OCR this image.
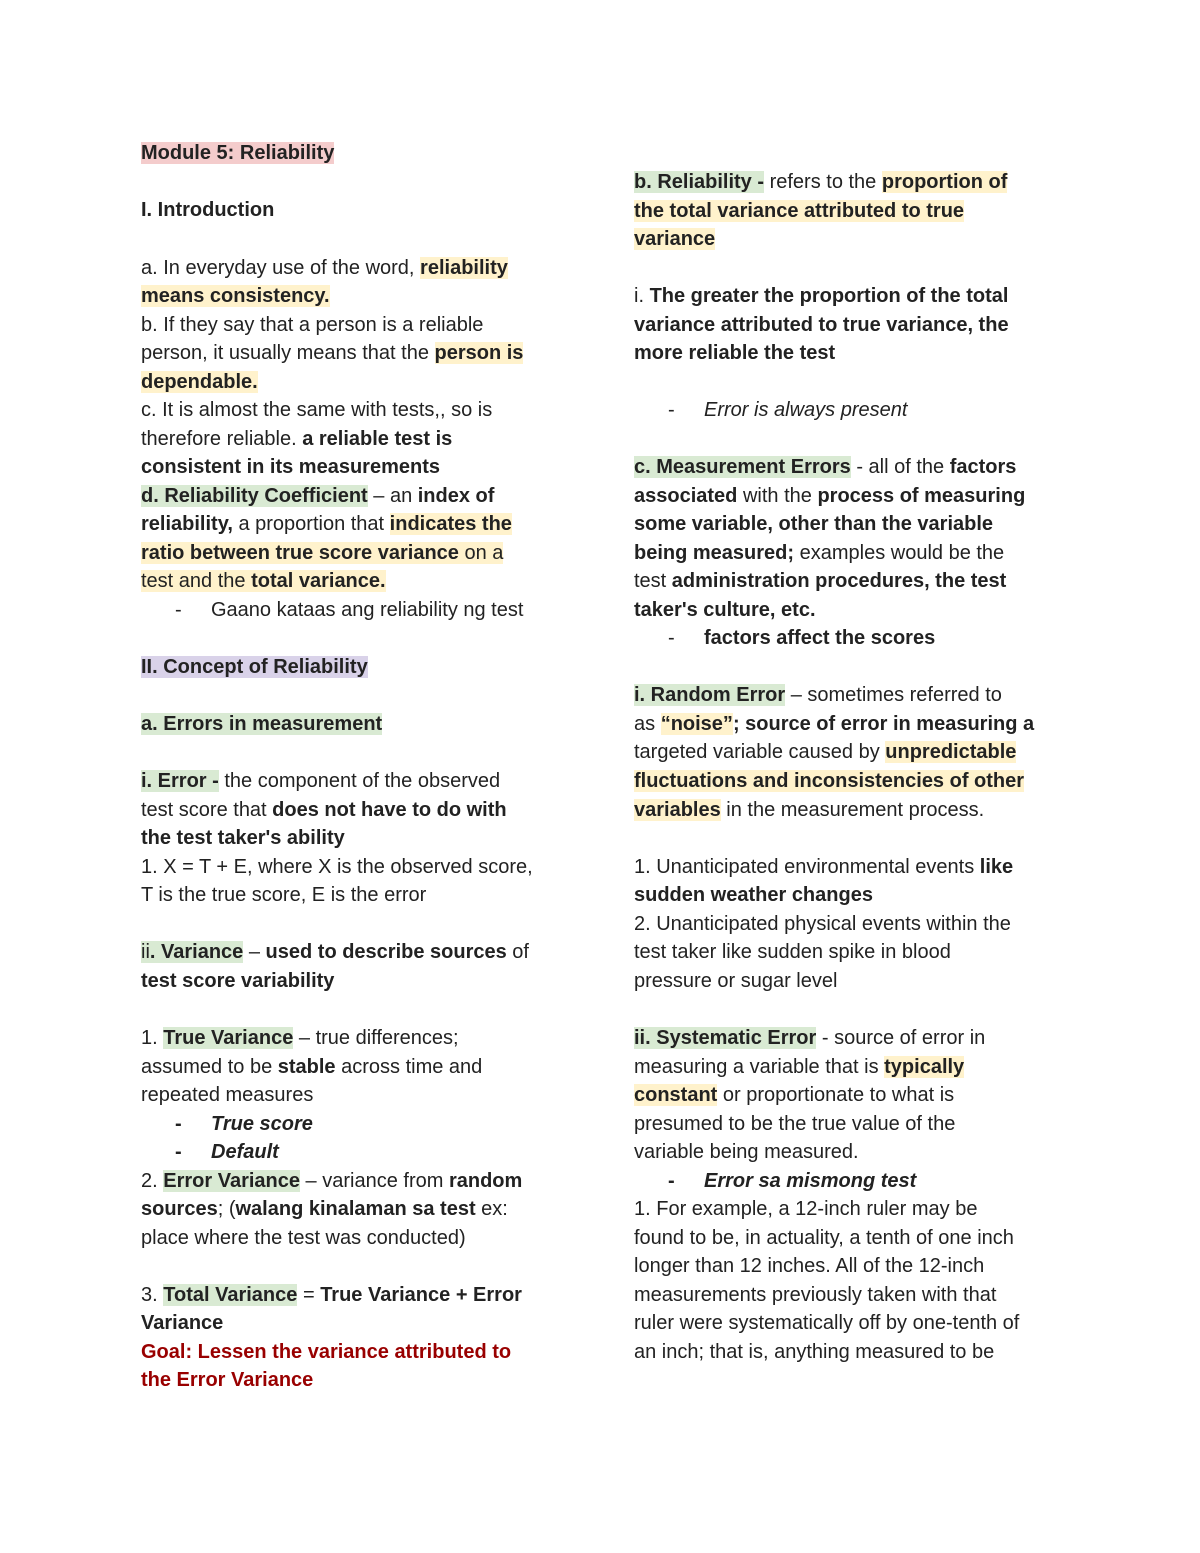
Module 5: Reliability
I. Introduction
a. In everyday use of the word, reliability
means consistency.
b. If they say that a person is a reliable
person, it usually means that the person is
dependable.
c. It is almost the same with tests,, so is
therefore reliable. a reliable test is
consistent in its measurements
d. Reliability Coefficient – an index of
reliability, a proportion that indicates the
ratio between true score variance on a
test and the total variance.
- Gaano kataas ang reliability ng test
II. Concept of Reliability
a. Errors in measurement
i. Error - the component of the observed
test score that does not have to do with
the test taker's ability
1. X = T + E, where X is the observed score,
T is the true score, E is the error
ii. Variance – used to describe sources of
test score variability
1. True Variance – true differences;
assumed to be stable across time and
repeated measures
- True score
- Default
2. Error Variance – variance from random
sources; (walang kinalaman sa test ex:
place where the test was conducted)
3. Total Variance = True Variance + Error
Variance
Goal: Lessen the variance attributed to
the Error Variance
b. Reliability - refers to the proportion of
the total variance attributed to true
variance
i. The greater the proportion of the total
variance attributed to true variance, the
more reliable the test
- Error is always present
c. Measurement Errors - all of the factors
associated with the process of measuring
some variable, other than the variable
being measured; examples would be the
test administration procedures, the test
taker's culture, etc.
- factors affect the scores
i. Random Error – sometimes referred to
as “noise”; source of error in measuring a
targeted variable caused by unpredictable
fluctuations and inconsistencies of other
variables in the measurement process.
1. Unanticipated environmental events like
sudden weather changes
2. Unanticipated physical events within the
test taker like sudden spike in blood
pressure or sugar level
ii. Systematic Error - source of error in
measuring a variable that is typically
constant or proportionate to what is
presumed to be the true value of the
variable being measured.
- Error sa mismong test
1. For example, a 12-inch ruler may be
found to be, in actuality, a tenth of one inch
longer than 12 inches. All of the 12-inch
measurements previously taken with that
ruler were systematically off by one-tenth of
an inch; that is, anything measured to be
